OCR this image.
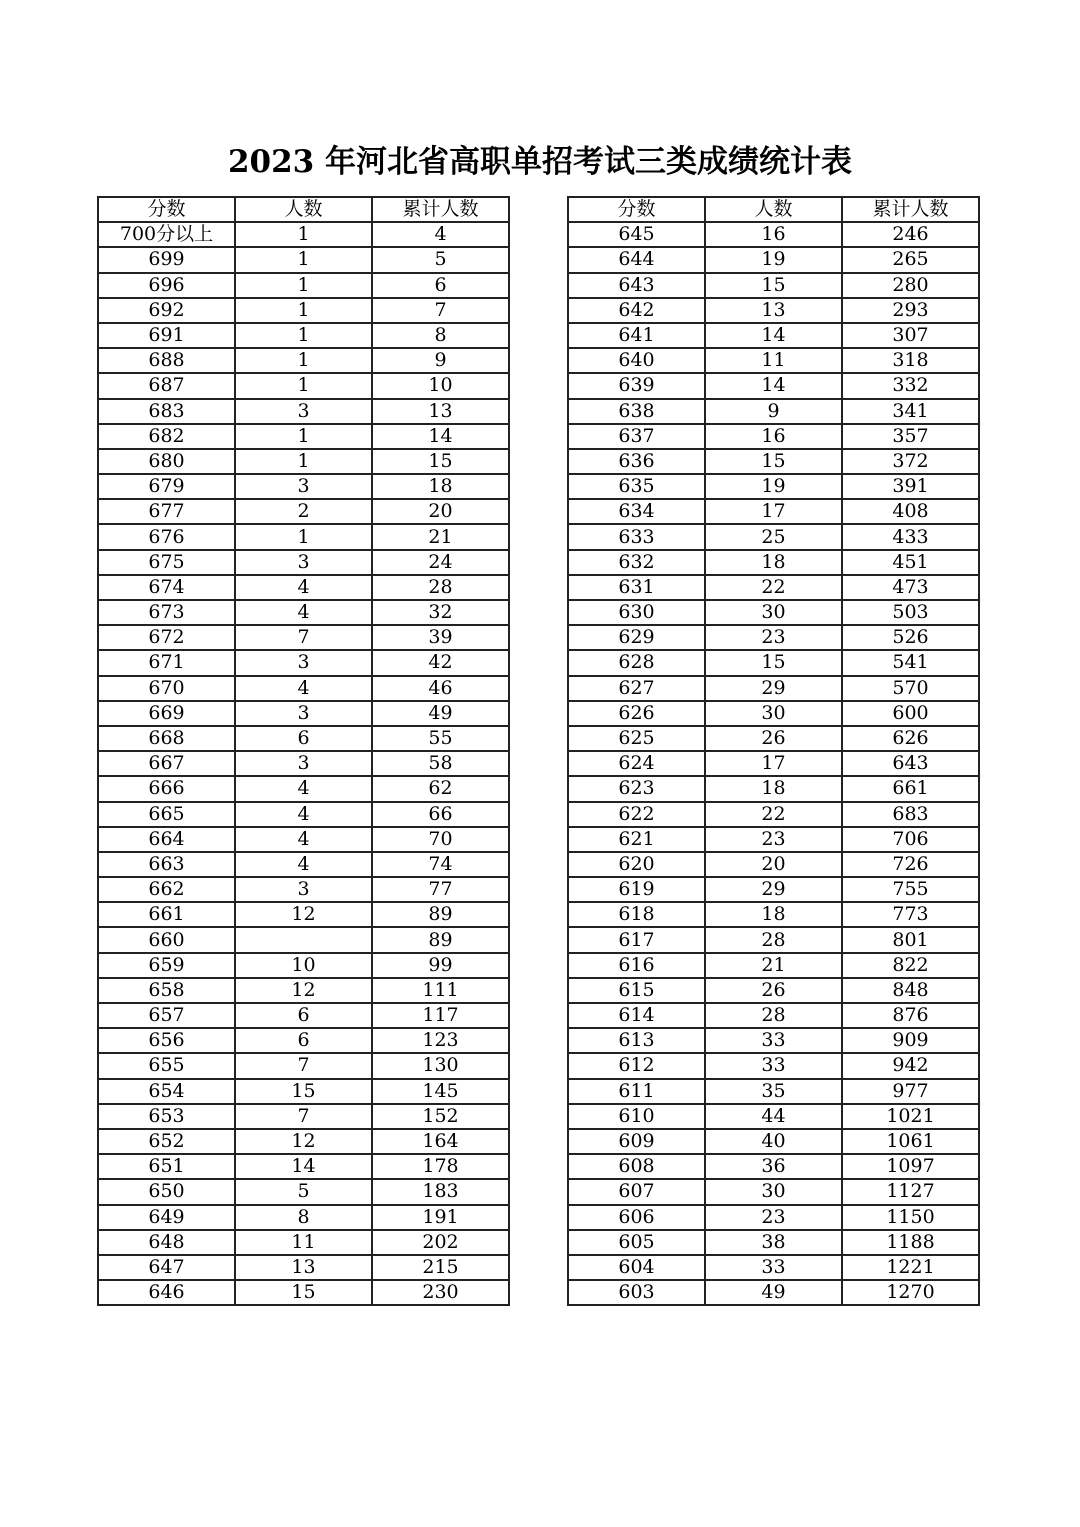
2023 年河北省高职单招考试三类成绩统计表
分数	人数	累计人数
700分以上	1	4
699	1	5
696	1	6
692	1	7
691	1	8
688	1	9
687	1	10
683	3	13
682	1	14
680	1	15
679	3	18
677	2	20
676	1	21
675	3	24
674	4	28
673	4	32
672	7	39
671	3	42
670	4	46
669	3	49
668	6	55
667	3	58
666	4	62
665	4	66
664	4	70
663	4	74
662	3	77
661	12	89
660		89
659	10	99
658	12	111
657	6	117
656	6	123
655	7	130
654	15	145
653	7	152
652	12	164
651	14	178
650	5	183
649	8	191
648	11	202
647	13	215
646	15	230
分数	人数	累计人数
645	16	246
644	19	265
643	15	280
642	13	293
641	14	307
640	11	318
639	14	332
638	9	341
637	16	357
636	15	372
635	19	391
634	17	408
633	25	433
632	18	451
631	22	473
630	30	503
629	23	526
628	15	541
627	29	570
626	30	600
625	26	626
624	17	643
623	18	661
622	22	683
621	23	706
620	20	726
619	29	755
618	18	773
617	28	801
616	21	822
615	26	848
614	28	876
613	33	909
612	33	942
611	35	977
610	44	1021
609	40	1061
608	36	1097
607	30	1127
606	23	1150
605	38	1188
604	33	1221
603	49	1270
